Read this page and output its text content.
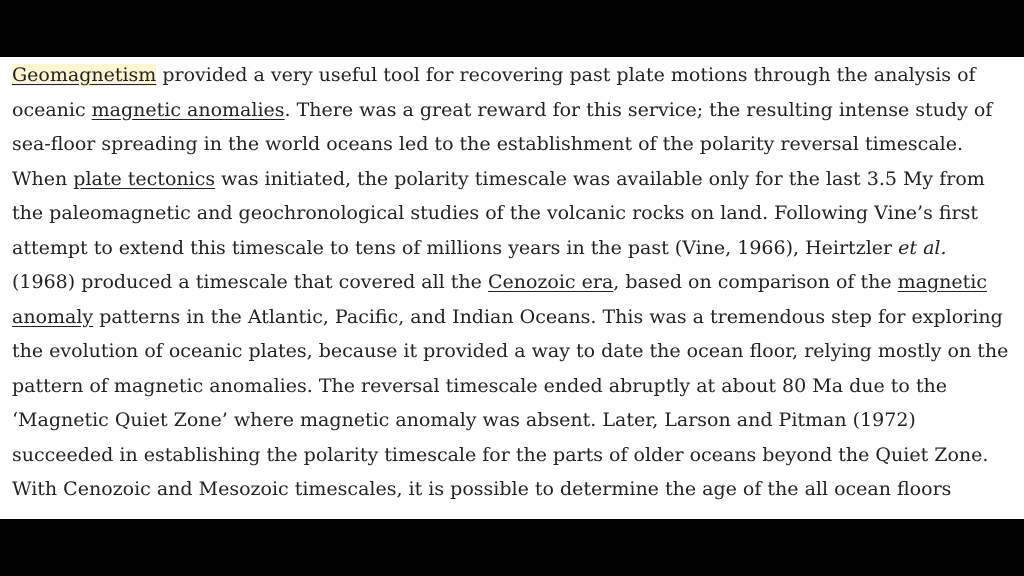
Geomagnetism provided a very useful tool for recovering past plate motions through the analysis of
oceanic magnetic anomalies. There was a great reward for this service; the resulting intense study of
sea-floor spreading in the world oceans led to the establishment of the polarity reversal timescale.
When plate tectonics was initiated, the polarity timescale was available only for the last 3.5 My from
the paleomagnetic and geochronological studies of the volcanic rocks on land. Following Vine’s first
attempt to extend this timescale to tens of millions years in the past (Vine, 1966), Heirtzler et al.
(1968) produced a timescale that covered all the Cenozoic era, based on comparison of the magnetic
anomaly patterns in the Atlantic, Pacific, and Indian Oceans. This was a tremendous step for exploring
the evolution of oceanic plates, because it provided a way to date the ocean floor, relying mostly on the
pattern of magnetic anomalies. The reversal timescale ended abruptly at about 80 Ma due to the
‘Magnetic Quiet Zone’ where magnetic anomaly was absent. Later, Larson and Pitman (1972)
succeeded in establishing the polarity timescale for the parts of older oceans beyond the Quiet Zone.
With Cenozoic and Mesozoic timescales, it is possible to determine the age of the all ocean floors
